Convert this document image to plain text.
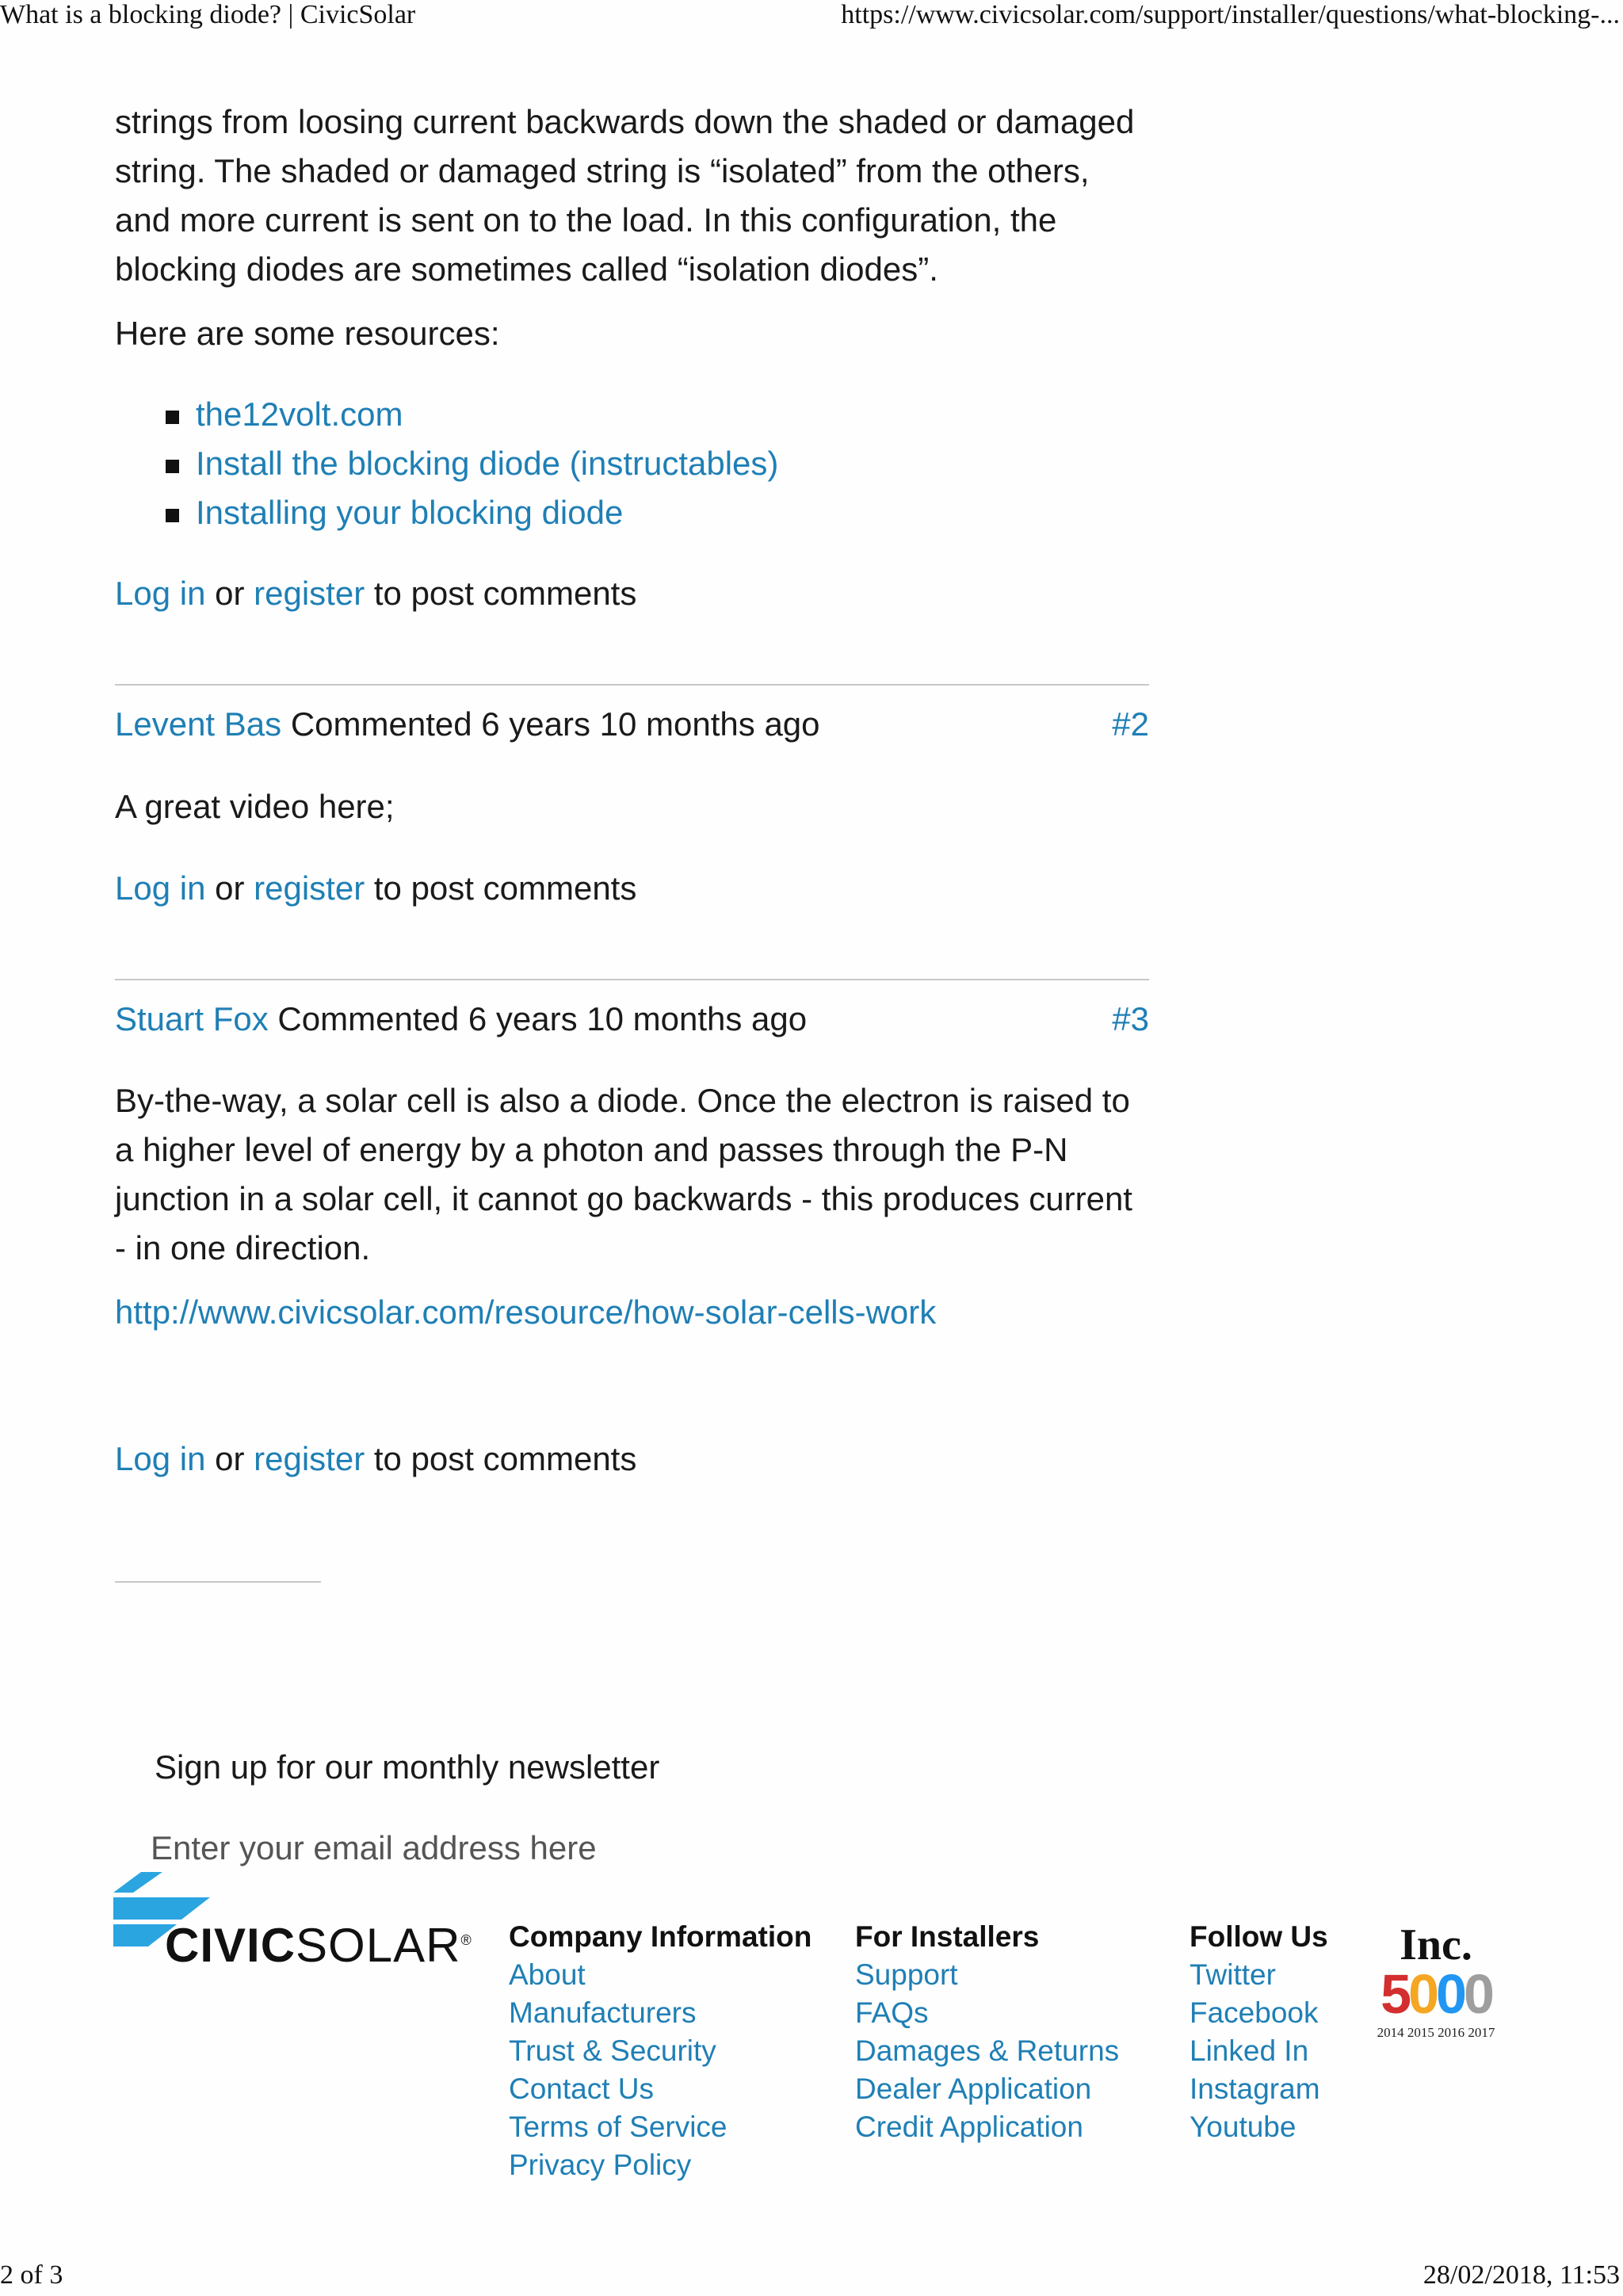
What is a blocking diode? | CivicSolar	https://www.civicsolar.com/support/installer/questions/what-blocking-...

strings from loosing current backwards down the shaded or damaged string. The shaded or damaged string is “isolated” from the others, and more current is sent on to the load. In this configuration, the blocking diodes are sometimes called “isolation diodes”.

Here are some resources:

the12volt.com
Install the blocking diode (instructables)
Installing your blocking diode

Log in or register to post comments

Levent Bas Commented 6 years 10 months ago	#2

A great video here;

Log in or register to post comments

Stuart Fox Commented 6 years 10 months ago	#3

By-the-way, a solar cell is also a diode. Once the electron is raised to a higher level of energy by a photon and passes through the P-N junction in a solar cell, it cannot go backwards - this produces current - in one direction.

http://www.civicsolar.com/resource/how-solar-cells-work

Log in or register to post comments

Sign up for our monthly newsletter
Enter your email address here
CIVICSOLAR® Company Information
About
Manufacturers
Trust & Security
Contact Us
Terms of Service
Privacy Policy
For Installers
Support
FAQs
Damages & Returns
Dealer Application
Credit Application
Follow Us
Twitter
Facebook
Linked In
Instagram
Youtube
Inc.
5000
2014 2015 2016 2017
2 of 3	28/02/2018, 11:53
